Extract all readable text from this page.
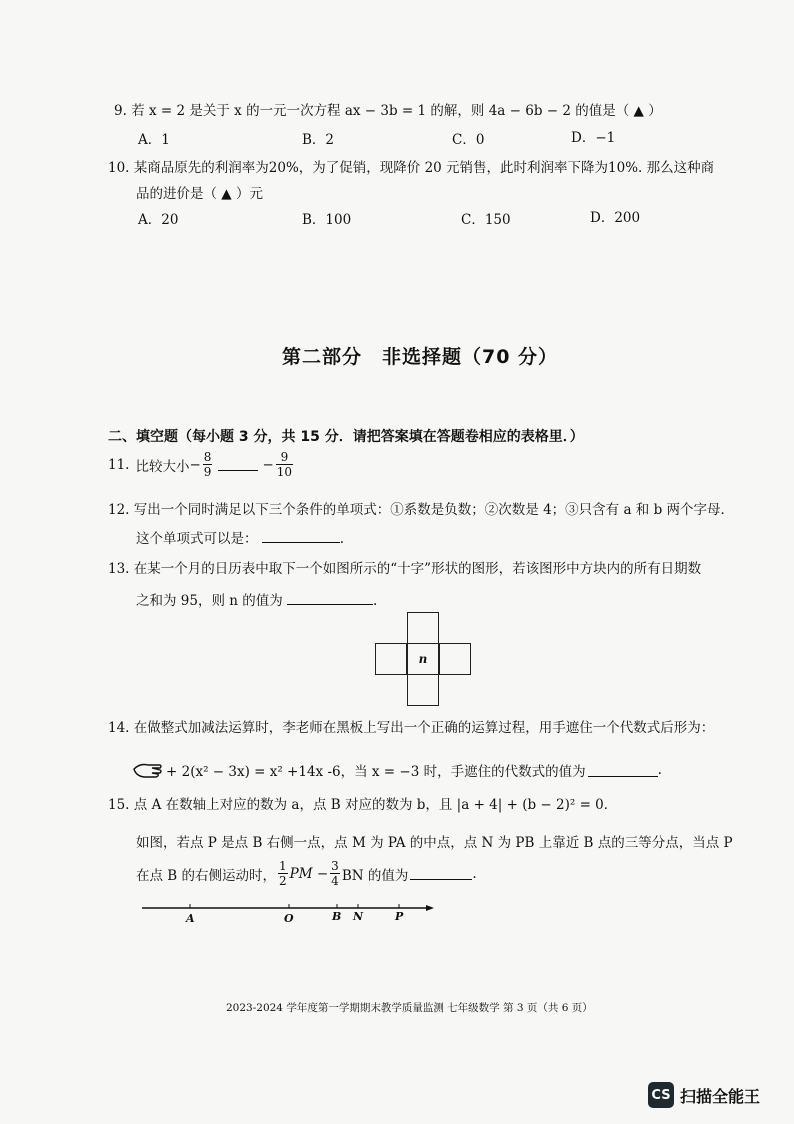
9. 若 x = 2 是关于 x 的一元一次方程 ax − 3b = 1 的解，则 4a − 6b − 2 的值是（ ▲ ）
A．1	B．2	C．0	D．−1
10. 某商品原先的利润率为20%，为了促销，现降价 20 元销售，此时利润率下降为10%. 那么这种商
品的进价是（ ▲ ）元
A．20	B．100	C．150	D．200
第二部分　非选择题（70 分）
二、填空题（每小题 3 分，共 15 分．请把答案填在答题卷相应的表格里．）
11. 比较大小 − $\frac{8}{9}$	− $\frac{9}{10}$
12. 写出一个同时满足以下三个条件的单项式：①系数是负数；②次数是 4；③只含有 a 和 b 两个字母．
这个单项式可以是：	.
13. 在某一个月的日历表中取下一个如图所示的“十字”形状的图形，若该图形中方块内的所有日期数
之和为 95，则 n 的值为	.
n
14. 在做整式加减法运算时，李老师在黑板上写出一个正确的运算过程，用手遮住一个代数式后形为：
+ 2(x² − 3x) = x² +14x -6，当 x = −3 时，手遮住的代数式的值为	.
15. 点 A 在数轴上对应的数为 a，点 B 对应的数为 b，且 |a + 4| + (b − 2)² = 0．
如图，若点 P 是点 B 右侧一点，点 M 为 PA 的中点，点 N 为 PB 上靠近 B 点的三等分点，当点 P
在点 B 的右侧运动时， $\frac{1}{2}$ PM − $\frac{3}{4}$ BN 的值为	.
A	O	B N	P
2023-2024 学年度第一学期期末教学质量监测 七年级数学 第 3 页（共 6 页）
CS 扫描全能王
